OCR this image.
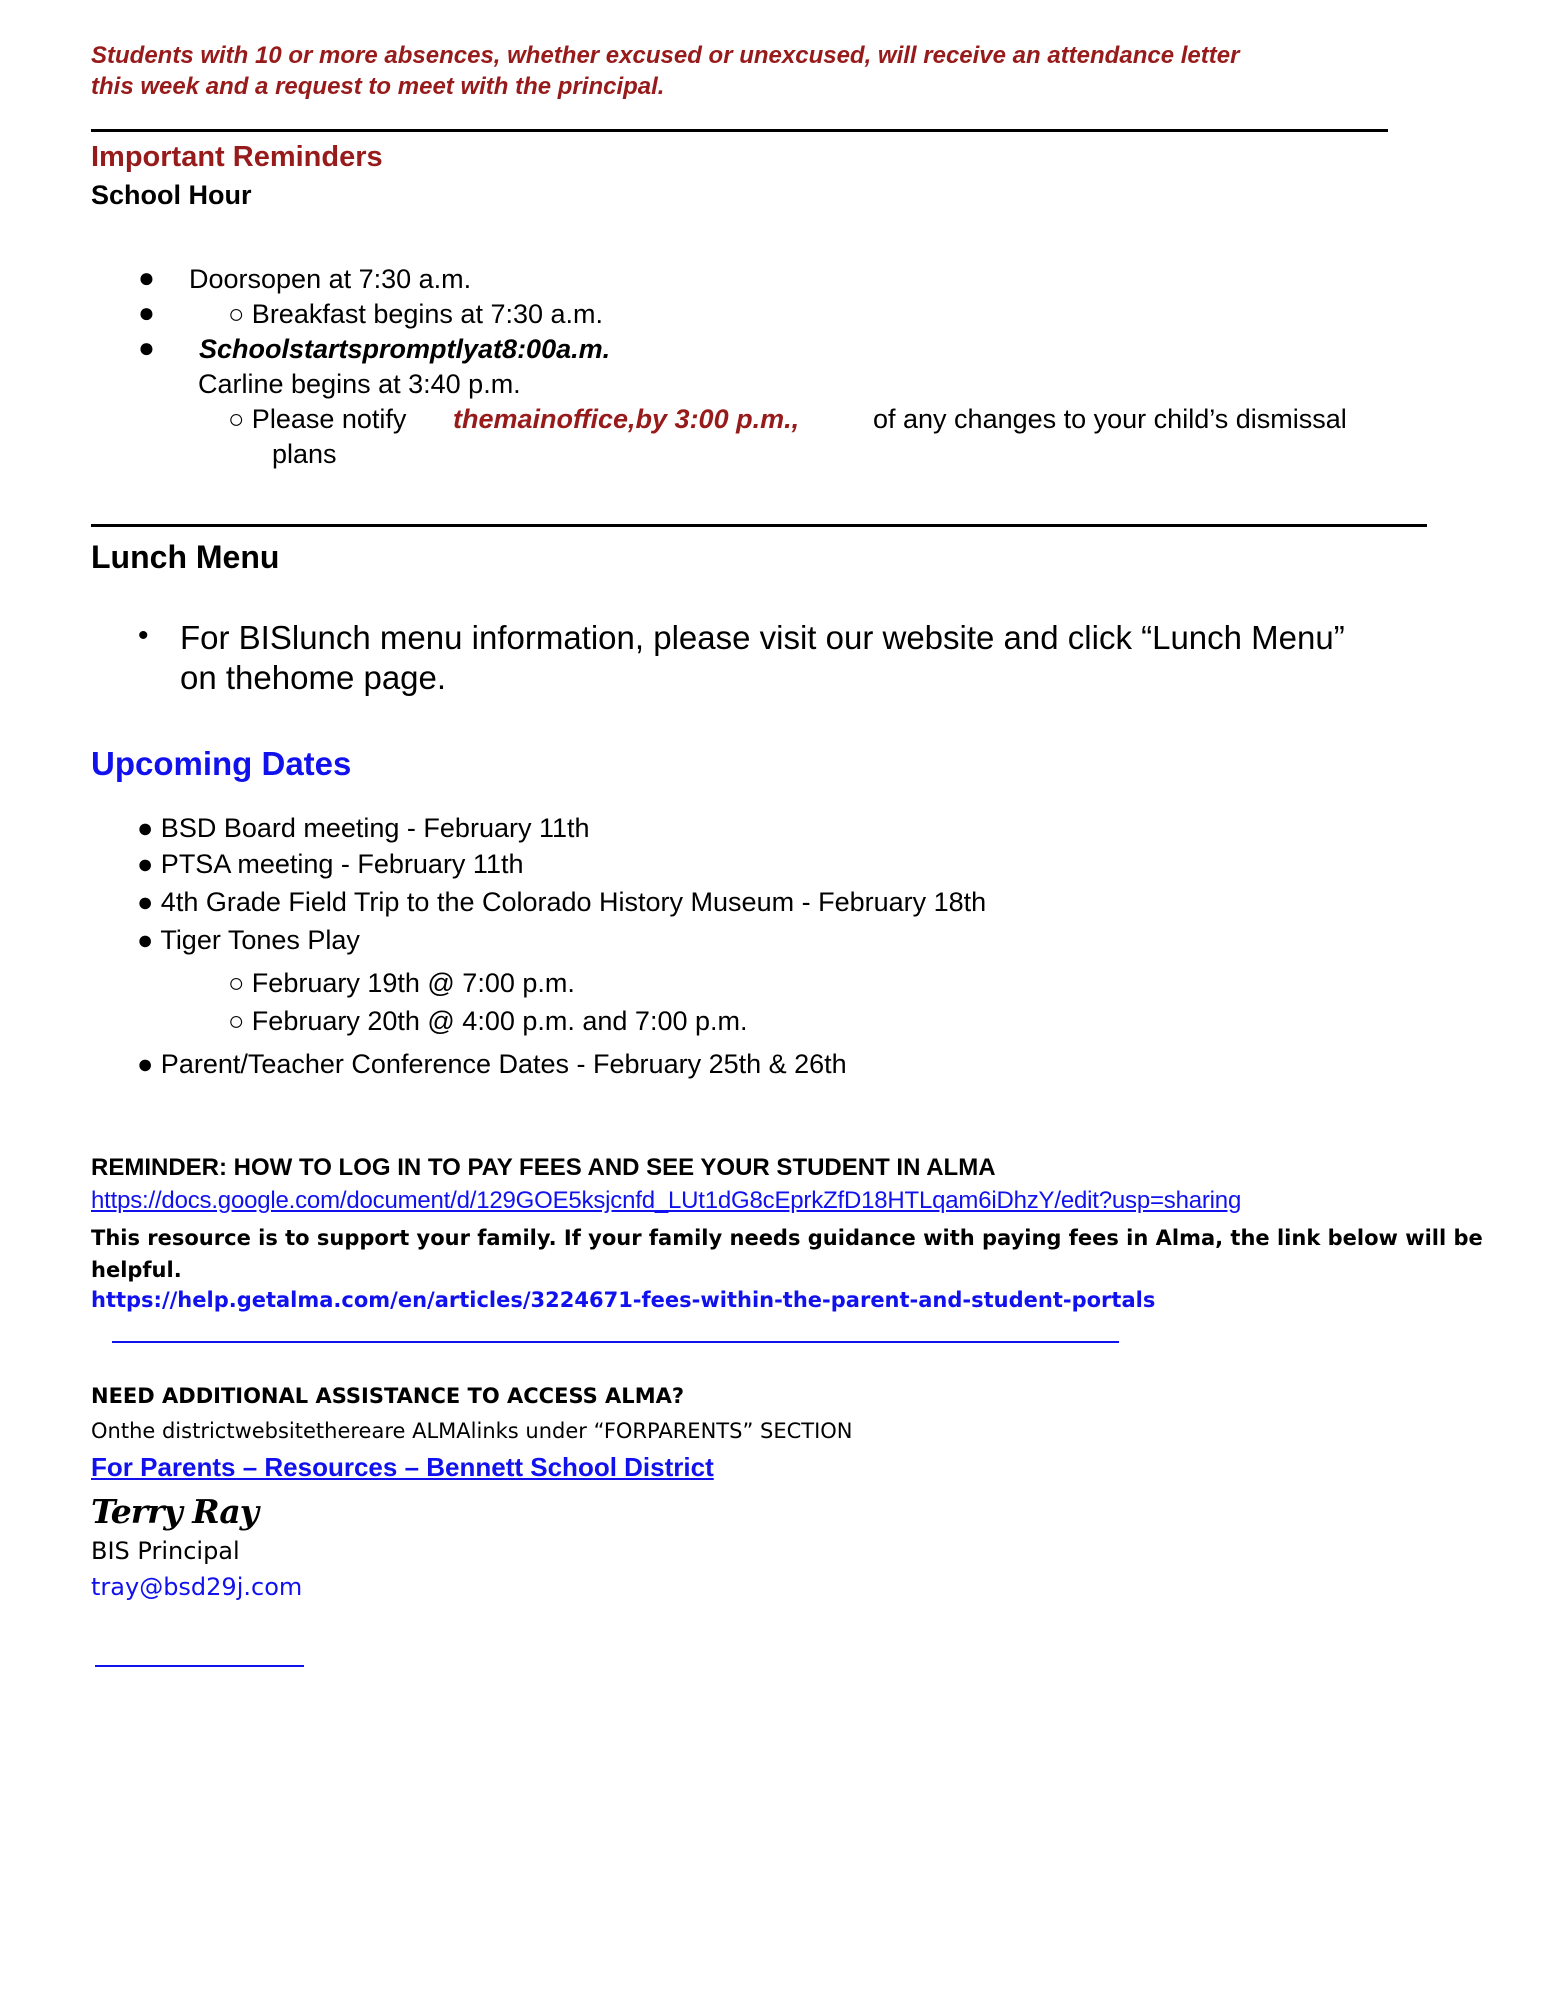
Students with 10 or more absences, whether excused or unexcused, will receive an attendance letter
this week and a request to meet with the principal.
Important Reminders
School Hour
● Doorsopen at 7:30 a.m.
●	○ Breakfast begins at 7:30 a.m.
● Schoolstartspromptlyat8:00a.m.
Carline begins at 3:40 p.m.
○ Please notify themainoffice,by 3:00 p.m.,	of any changes to your child’s dismissal
plans
Lunch Menu
• For BISlunch menu information, please visit our website and click “Lunch Menu”
on thehome page.
Upcoming Dates
● BSD Board meeting - February 11th
● PTSA meeting - February 11th
● 4th Grade Field Trip to the Colorado History Museum - February 18th
● Tiger Tones Play
○ February 19th @ 7:00 p.m.
○ February 20th @ 4:00 p.m. and 7:00 p.m.
● Parent/Teacher Conference Dates - February 25th & 26th
REMINDER: HOW TO LOG IN TO PAY FEES AND SEE YOUR STUDENT IN ALMA
https://docs.google.com/document/d/129GOE5ksjcnfd_LUt1dG8cEprkZfD18HTLqam6iDhzY/edit?usp=sharing
This resource is to support your family. If your family needs guidance with paying fees in Alma, the link below will be
helpful.
https://help.getalma.com/en/articles/3224671-fees-within-the-parent-and-student-portals
NEED ADDITIONAL ASSISTANCE TO ACCESS ALMA?
Onthe districtwebsitethereare ALMAlinks under “FORPARENTS” SECTION
For Parents – Resources – Bennett School District
Terry Ray
BIS Principal
tray@bsd29j.com
